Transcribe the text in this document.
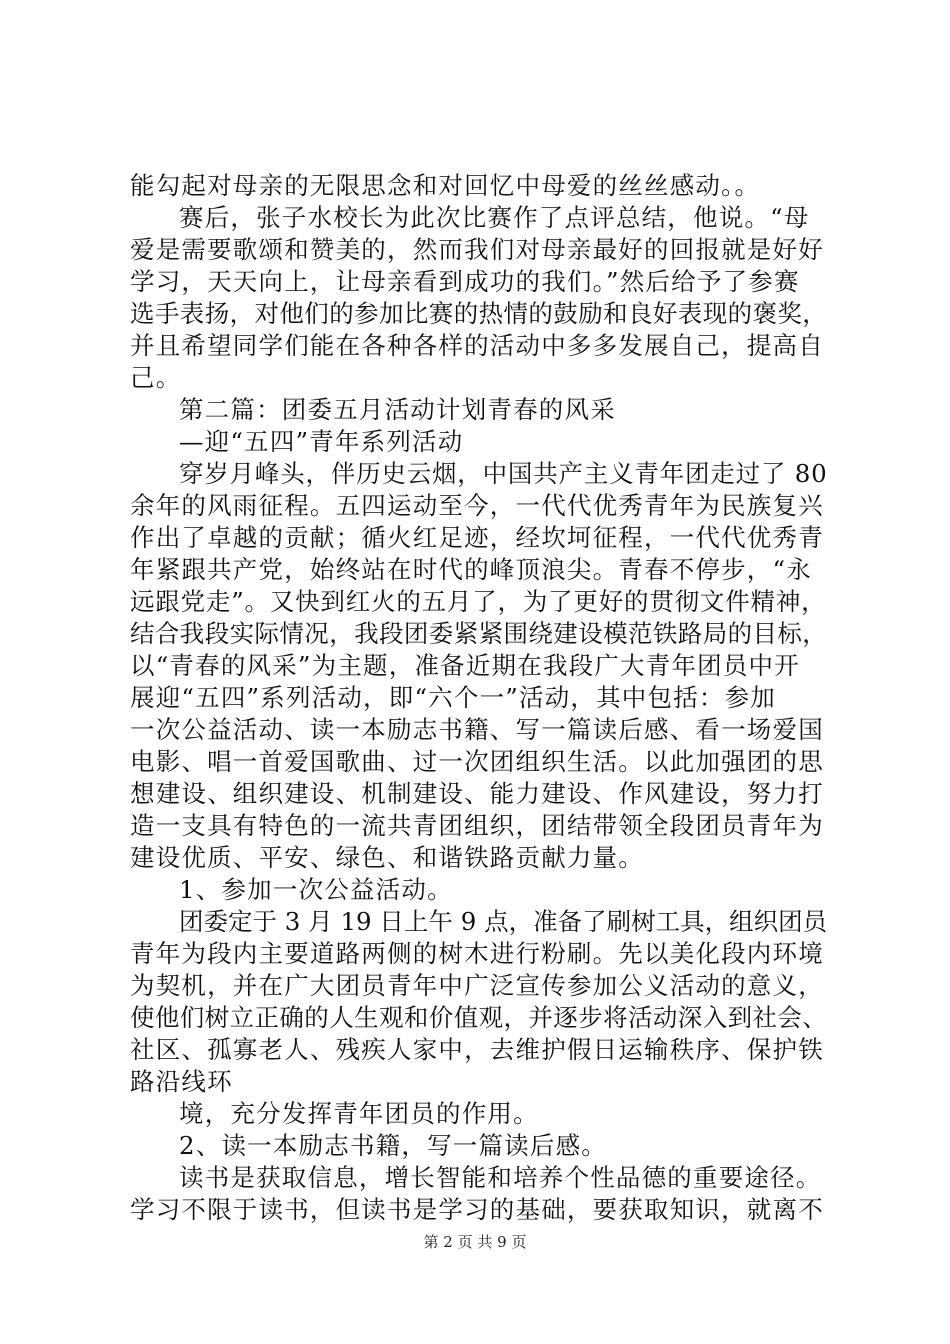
能勾起对母亲的无限思念和对回忆中母爱的丝丝感动。。
赛后，张子水校长为此次比赛作了点评总结，他说。“母
爱是需要歌颂和赞美的，然而我们对母亲最好的回报就是好好
学习，天天向上，让母亲看到成功的我们。”然后给予了参赛
选手表扬，对他们的参加比赛的热情的鼓励和良好表现的褒奖，
并且希望同学们能在各种各样的活动中多多发展自己，提高自
己。
第二篇：团委五月活动计划青春的风采
—迎“五四”青年系列活动
穿岁月峰头，伴历史云烟，中国共产主义青年团走过了 80
余年的风雨征程。五四运动至今，一代代优秀青年为民族复兴
作出了卓越的贡献；循火红足迹，经坎坷征程，一代代优秀青
年紧跟共产党，始终站在时代的峰顶浪尖。青春不停步，“永
远跟党走”。又快到红火的五月了，为了更好的贯彻文件精神，
结合我段实际情况，我段团委紧紧围绕建设模范铁路局的目标，
以“青春的风采”为主题，准备近期在我段广大青年团员中开
展迎“五四”系列活动，即“六个一”活动，其中包括：参加
一次公益活动、读一本励志书籍、写一篇读后感、看一场爱国
电影、唱一首爱国歌曲、过一次团组织生活。以此加强团的思
想建设、组织建设、机制建设、能力建设、作风建设，努力打
造一支具有特色的一流共青团组织，团结带领全段团员青年为
建设优质、平安、绿色、和谐铁路贡献力量。
1、参加一次公益活动。
团委定于 3 月 19 日上午 9 点，准备了刷树工具，组织团员
青年为段内主要道路两侧的树木进行粉刷。先以美化段内环境
为契机，并在广大团员青年中广泛宣传参加公义活动的意义，
使他们树立正确的人生观和价值观，并逐步将活动深入到社会、
社区、孤寡老人、残疾人家中，去维护假日运输秩序、保护铁
路沿线环
境，充分发挥青年团员的作用。
2、读一本励志书籍，写一篇读后感。
读书是获取信息，增长智能和培养个性品德的重要途径。
学习不限于读书，但读书是学习的基础，要获取知识，就离不
第 2 页 共 9 页
